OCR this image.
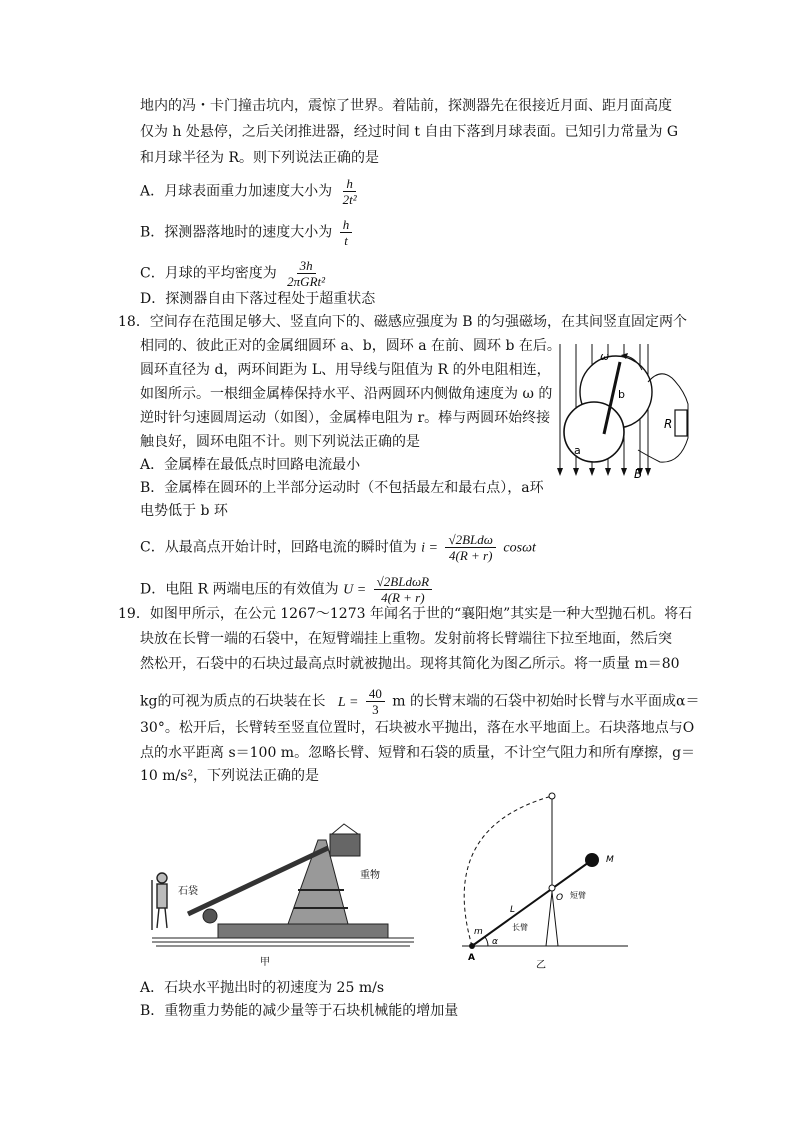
地内的冯・卡门撞击坑内，震惊了世界。着陆前，探测器先在很接近月面、距月面高度
仅为 h 处悬停，之后关闭推进器，经过时间 t 自由下落到月球表面。已知引力常量为 G
和月球半径为 R。则下列说法正确的是
A．月球表面重力加速度大小为 $\frac{h}{\text{2t²}}$
B．探测器落地时的速度大小为 $\frac{h}{t}$
C．月球的平均密度为 $\frac{3h}{\text{2πGRt²}}$
D．探测器自由下落过程处于超重状态
18．空间存在范围足够大、竖直向下的、磁感应强度为 B 的匀强磁场，在其间竖直固定两个
相同的、彼此正对的金属细圆环 a、b，圆环 a 在前、圆环 b 在后。
圆环直径为 d，两环间距为 L、用导线与阻值为 R 的外电阻相连，
如图所示。一根细金属棒保持水平、沿两圆环内侧做角速度为 ω 的
逆时针匀速圆周运动（如图），金属棒电阻为 r。棒与两圆环始终接
触良好，圆环电阻不计。则下列说法正确的是
A．金属棒在最低点时回路电流最小
B．金属棒在圆环的上半部分运动时（不包括最左和最右点），a环
电势低于 b 环
C．从最高点开始计时，回路电流的瞬时值为 $i = \frac{\text{√2BLdω}}{4(R + r)}$ cosωt
D．电阻 R 两端电压的有效值为 $U = \frac{\text{√2BLdωR}}{4(R + r)}$
ω
b
a
R
B
19．如图甲所示，在公元 1267～1273 年闻名于世的“襄阳炮”其实是一种大型抛石机。将石
块放在长臂一端的石袋中，在短臂端挂上重物。发射前将长臂端往下拉至地面，然后突
然松开，石袋中的石块过最高点时就被抛出。现将其简化为图乙所示。将一质量 m＝80
kg的可视为质点的石块装在长 $L = \frac{40}{3}$ m 的长臂末端的石袋中初始时长臂与水平面成α＝
30°。松开后，长臂转至竖直位置时，石块被水平抛出，落在水平地面上。石块落地点与O
点的水平距离 s＝100 m。忽略长臂、短臂和石袋的质量，不计空气阻力和所有摩擦，g＝
10 m/s²，下列说法正确的是
石袋
重物
甲
M
O 短臂
L
长臂
m
α
A
乙
A．石块水平抛出时的初速度为 25 m/s
B．重物重力势能的减少量等于石块机械能的增加量
